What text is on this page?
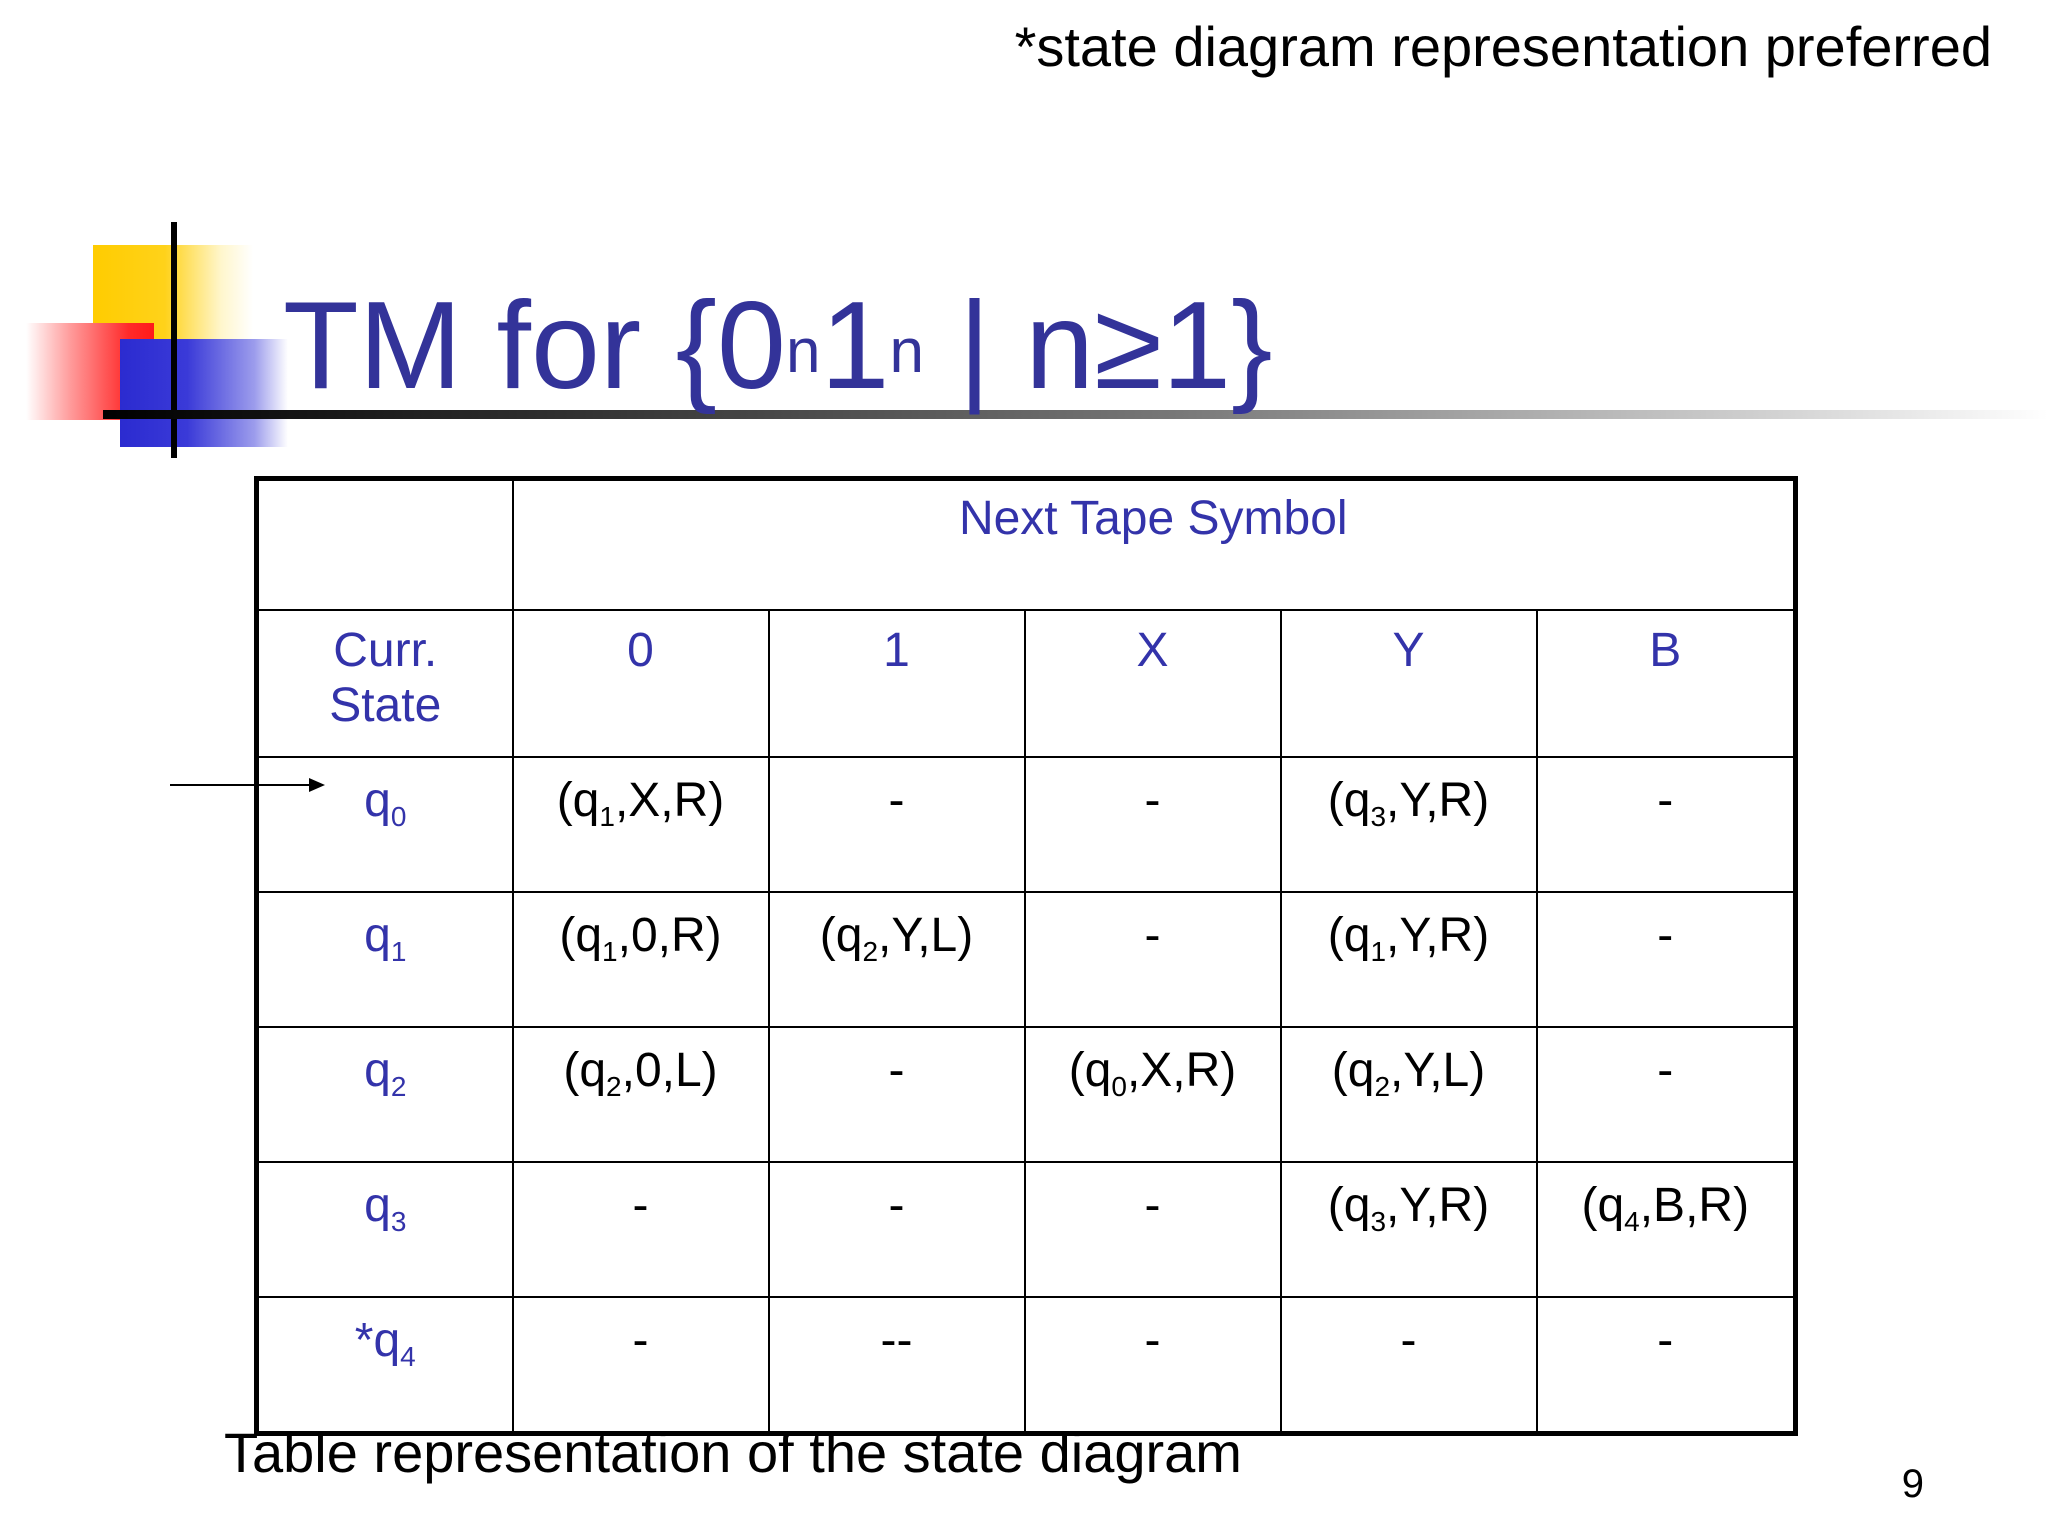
*state diagram representation preferred
TM for {0$^n$1$^n$ | n≥1}
	Next Tape Symbol				
Curr.
State	0	1	X	Y	B
$q_0$	$(q_1,X,R)$	-	-	$(q_3,Y,R)$	-
$q_1$	$(q_1,0,R)$	$(q_2,Y,L)$	-	$(q_1,Y,R)$	-
$q_2$	$(q_2,0,L)$	-	$(q_0,X,R)$	$(q_2,Y,L)$	-
$q_3$	-	-	-	$(q_3,Y,R)$	$(q_4,B,R)$
$*q_4$	-	--	-	-	-
Table representation of the state diagram	9
